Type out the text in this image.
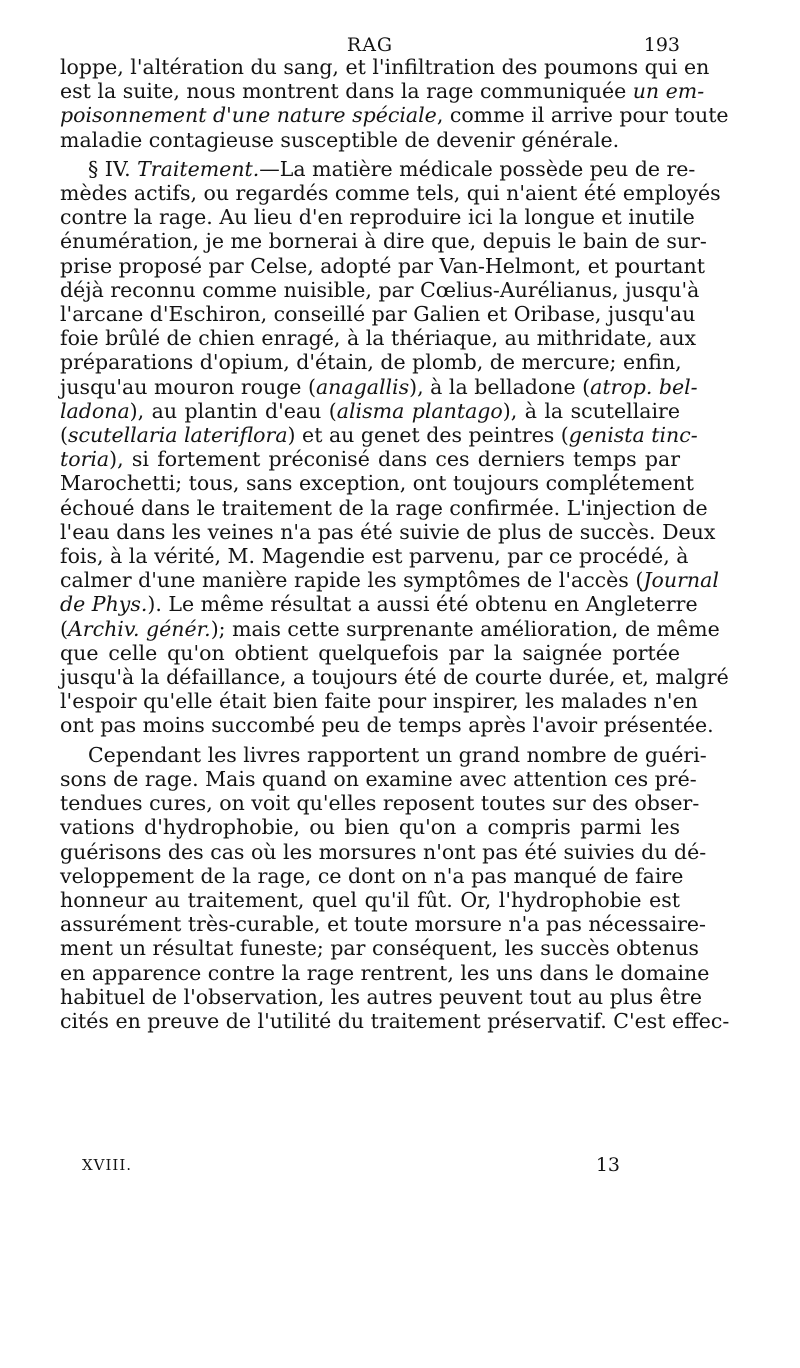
RAG	193
loppe, l'altération du sang, et l'infiltration des poumons qui en
est la suite, nous montrent dans la rage communiquée un em-
poisonnement d'une nature spéciale, comme il arrive pour toute
maladie contagieuse susceptible de devenir générale.
§ IV. Traitement.—La matière médicale possède peu de re-
mèdes actifs, ou regardés comme tels, qui n'aient été employés
contre la rage. Au lieu d'en reproduire ici la longue et inutile
énumération, je me bornerai à dire que, depuis le bain de sur-
prise proposé par Celse, adopté par Van-Helmont, et pourtant
déjà reconnu comme nuisible, par Cœlius-Aurélianus, jusqu'à
l'arcane d'Eschiron, conseillé par Galien et Oribase, jusqu'au
foie brûlé de chien enragé, à la thériaque, au mithridate, aux
préparations d'opium, d'étain, de plomb, de mercure; enfin,
jusqu'au mouron rouge (anagallis), à la belladone (atrop. bel-
ladona), au plantin d'eau (alisma plantago), à la scutellaire
(scutellaria lateriflora) et au genet des peintres (genista tinc-
toria), si fortement préconisé dans ces derniers temps par
Marochetti; tous, sans exception, ont toujours complétement
échoué dans le traitement de la rage confirmée. L'injection de
l'eau dans les veines n'a pas été suivie de plus de succès. Deux
fois, à la vérité, M. Magendie est parvenu, par ce procédé, à
calmer d'une manière rapide les symptômes de l'accès (Journal
de Phys.). Le même résultat a aussi été obtenu en Angleterre
(Archiv. génér.); mais cette surprenante amélioration, de même
que celle qu'on obtient quelquefois par la saignée portée
jusqu'à la défaillance, a toujours été de courte durée, et, malgré
l'espoir qu'elle était bien faite pour inspirer, les malades n'en
ont pas moins succombé peu de temps après l'avoir présentée.
Cependant les livres rapportent un grand nombre de guéri-
sons de rage. Mais quand on examine avec attention ces pré-
tendues cures, on voit qu'elles reposent toutes sur des obser-
vations d'hydrophobie, ou bien qu'on a compris parmi les
guérisons des cas où les morsures n'ont pas été suivies du dé-
veloppement de la rage, ce dont on n'a pas manqué de faire
honneur au traitement, quel qu'il fût. Or, l'hydrophobie est
assurément très-curable, et toute morsure n'a pas nécessaire-
ment un résultat funeste; par conséquent, les succès obtenus
en apparence contre la rage rentrent, les uns dans le domaine
habituel de l'observation, les autres peuvent tout au plus être
cités en preuve de l'utilité du traitement préservatif. C'est effec-
XVIII.	13
